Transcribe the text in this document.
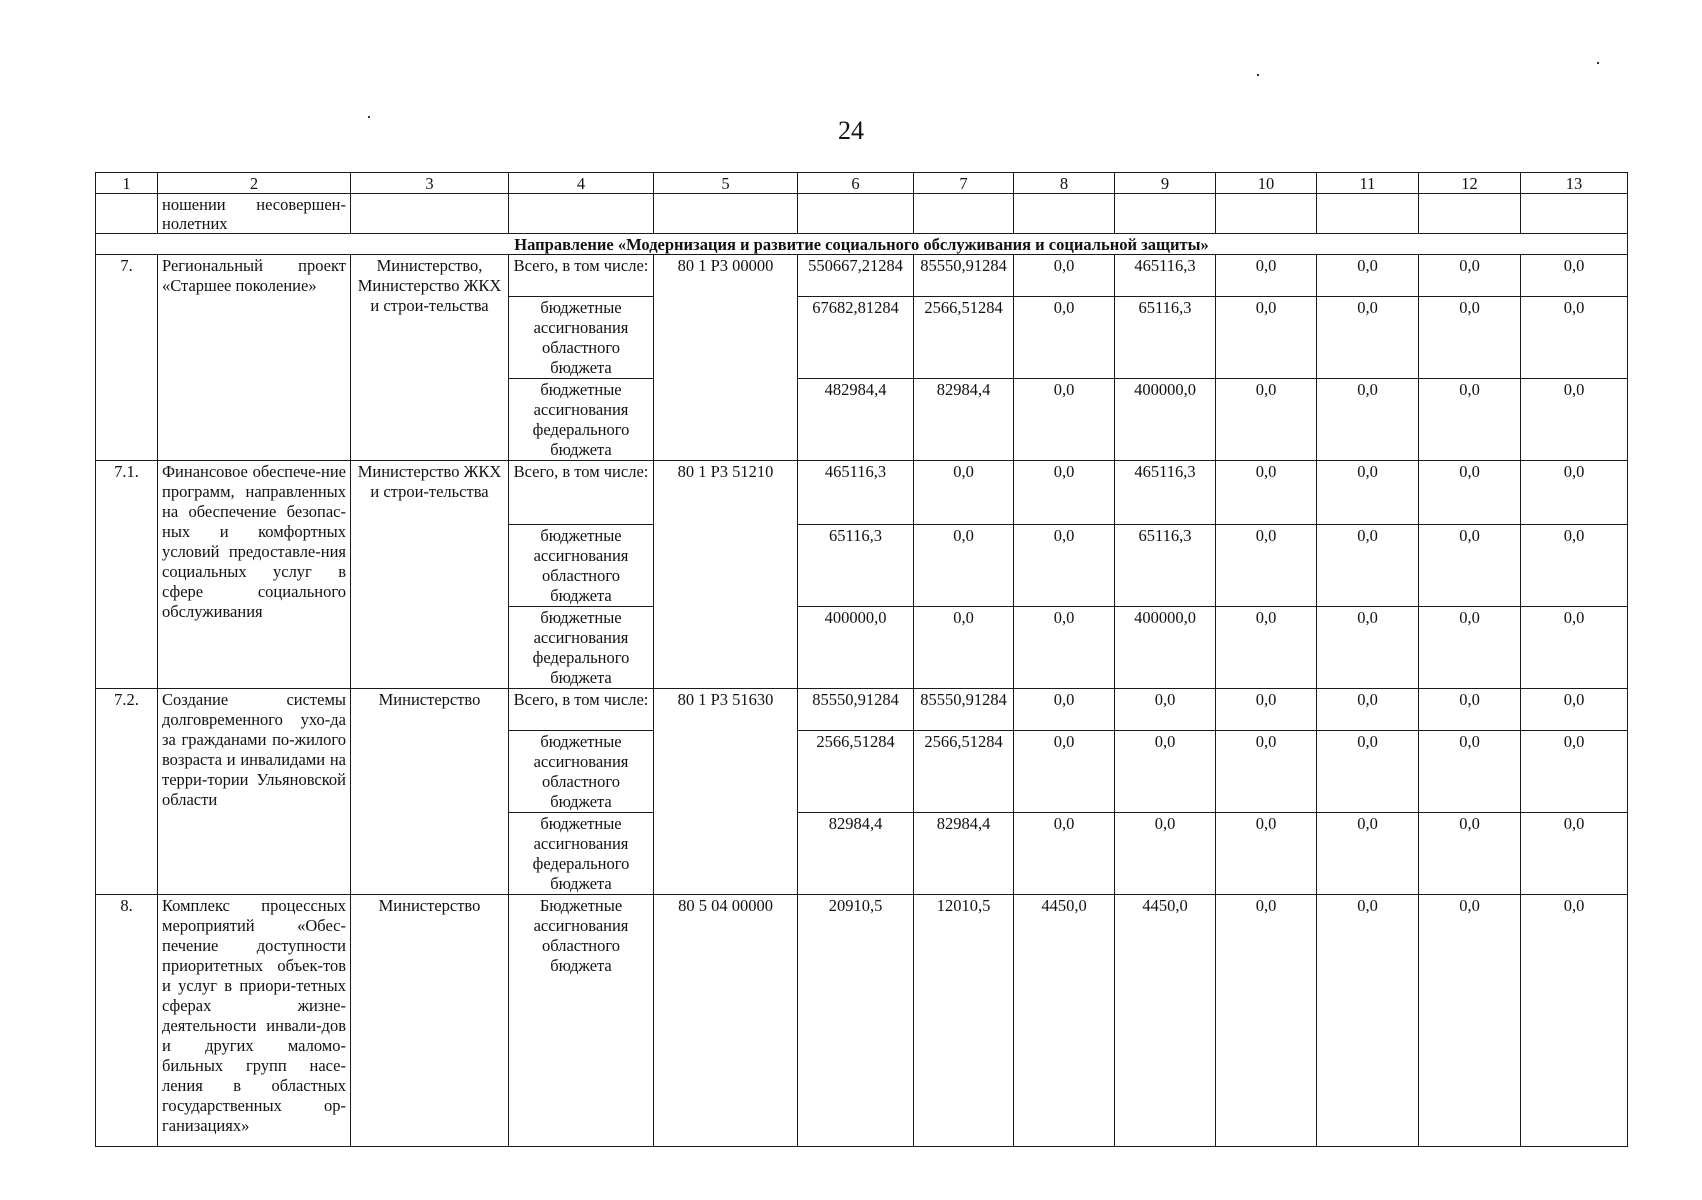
24
1	2	3	4	5	6	7	8	9	10	11	12	13
	ношении несовершен-нолетних											
Направление «Модернизация и развитие социального обслуживания и социальной защиты»												
7.	Региональный проект «Старшее поколение»	Министерство, Министерство ЖКХ и строи-тельства	Всего, в том числе:	80 1 Р3 00000	550667,21284	85550,91284	0,0	465116,3	0,0	0,0	0,0	0,0
			бюджетные ассигнования областного бюджета		67682,81284	2566,51284	0,0	65116,3	0,0	0,0	0,0	0,0
			бюджетные ассигнования федерального бюджета		482984,4	82984,4	0,0	400000,0	0,0	0,0	0,0	0,0
7.1.	Финансовое обеспече-ние программ, направленных на обеспечение безопас-ных и комфортных условий предоставле-ния социальных услуг в сфере социального обслуживания	Министерство ЖКХ и строи-тельства	Всего, в том числе:	80 1 Р3 51210	465116,3	0,0	0,0	465116,3	0,0	0,0	0,0	0,0
			бюджетные ассигнования областного бюджета		65116,3	0,0	0,0	65116,3	0,0	0,0	0,0	0,0
			бюджетные ассигнования федерального бюджета		400000,0	0,0	0,0	400000,0	0,0	0,0	0,0	0,0
7.2.	Создание системы долговременного ухо-да за гражданами по-жилого возраста и инвалидами на терри-тории Ульяновской области	Министерство	Всего, в том числе:	80 1 Р3 51630	85550,91284	85550,91284	0,0	0,0	0,0	0,0	0,0	0,0
			бюджетные ассигнования областного бюджета		2566,51284	2566,51284	0,0	0,0	0,0	0,0	0,0	0,0
			бюджетные ассигнования федерального бюджета		82984,4	82984,4	0,0	0,0	0,0	0,0	0,0	0,0
8.	Комплекс процессных мероприятий «Обес-печение доступности приоритетных объек-тов и услуг в приори-тетных сферах жизне-деятельности инвали-дов и других маломо-бильных групп насе-ления в областных государственных ор-ганизациях»	Министерство	Бюджетные ассигнования областного бюджета	80 5 04 00000	20910,5	12010,5	4450,0	4450,0	0,0	0,0	0,0	0,0
